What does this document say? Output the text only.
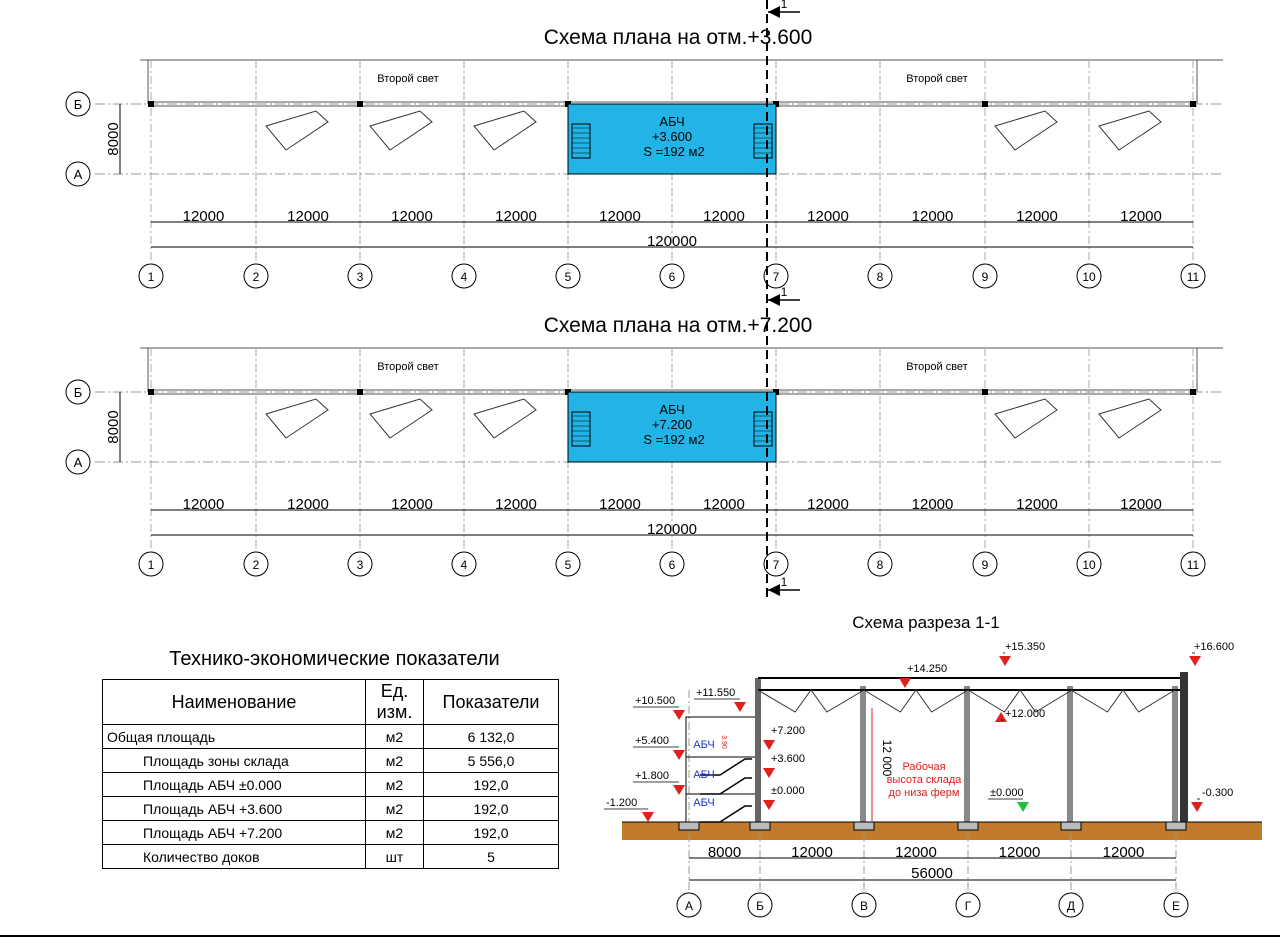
Схема плана на отм.+3.600
Второй свет	Второй свет
АБЧ
+3.600
S =192 м2
Б
А
8000
12000	12000	12000	12000	12000	12000	12000	12000	12000	12000
120000
1	2	3	4	5	6	7	8	9	10	11
Схема плана на отм.+7.200
Второй свет	Второй свет
АБЧ
+7.200
S =192 м2
Б
А
8000
12000	12000	12000	12000	12000	12000	12000	12000	12000	12000
120000
1	2	3	4	5	6	7	8	9	10	11
1
1
1
Схема разреза 1-1
АБЧ
АБЧ
АБЧ
12 000
3.90
Рабочая
высота склада
до низа ферм
+16.600
+15.350
+14.250
+12.000
+11.550
+10.500
+7.200
+5.400
+3.600
+1.800
±0.000
-1.200
±0.000	-0.300
8000	12000	12000	12000	12000
56000
А	Б	В	Г	Д	Е
Технико-экономические показатели
Наименование	Ед. изм.	Показатели
Общая площадь	м2	6 132,0
Площадь зоны склада	м2	5 556,0
Площадь АБЧ ±0.000	м2	192,0
Площадь АБЧ +3.600	м2	192,0
Площадь АБЧ +7.200	м2	192,0
Количество доков	шт	5
